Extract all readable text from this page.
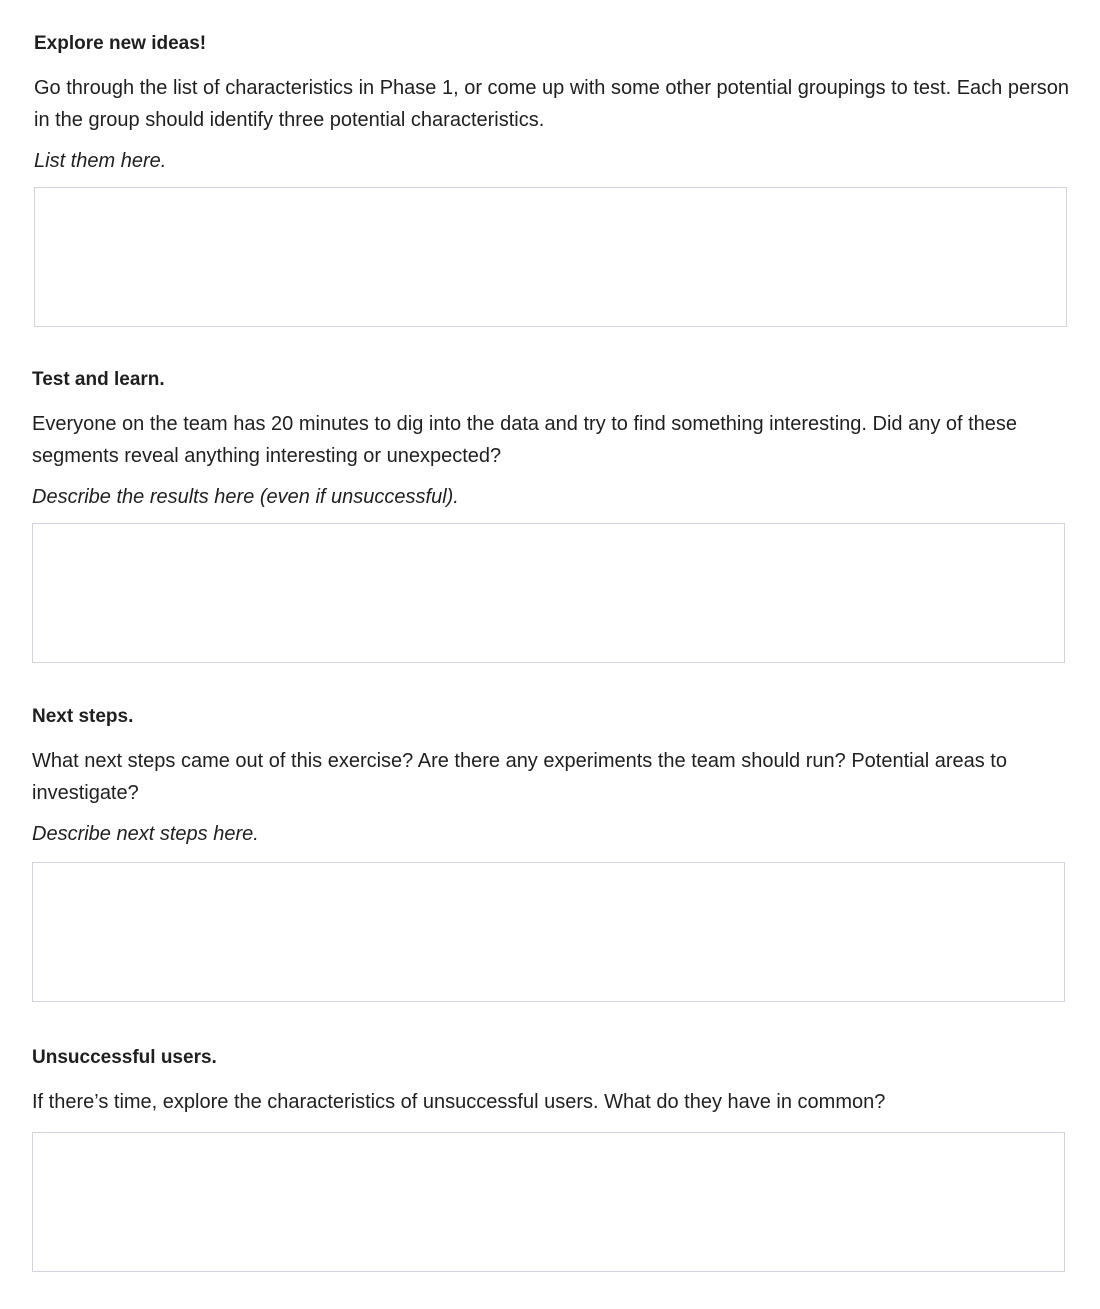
Explore new ideas!

Go through the list of characteristics in Phase 1, or come up with some other potential groupings to test. Each person in the group should identify three potential characteristics.

List them here.

Test and learn.

Everyone on the team has 20 minutes to dig into the data and try to find something interesting. Did any of these segments reveal anything interesting or unexpected?

Describe the results here (even if unsuccessful).

Next steps.

What next steps came out of this exercise? Are there any experiments the team should run? Potential areas to investigate?

Describe next steps here.

Unsuccessful users.

If there’s time, explore the characteristics of unsuccessful users. What do they have in common?
